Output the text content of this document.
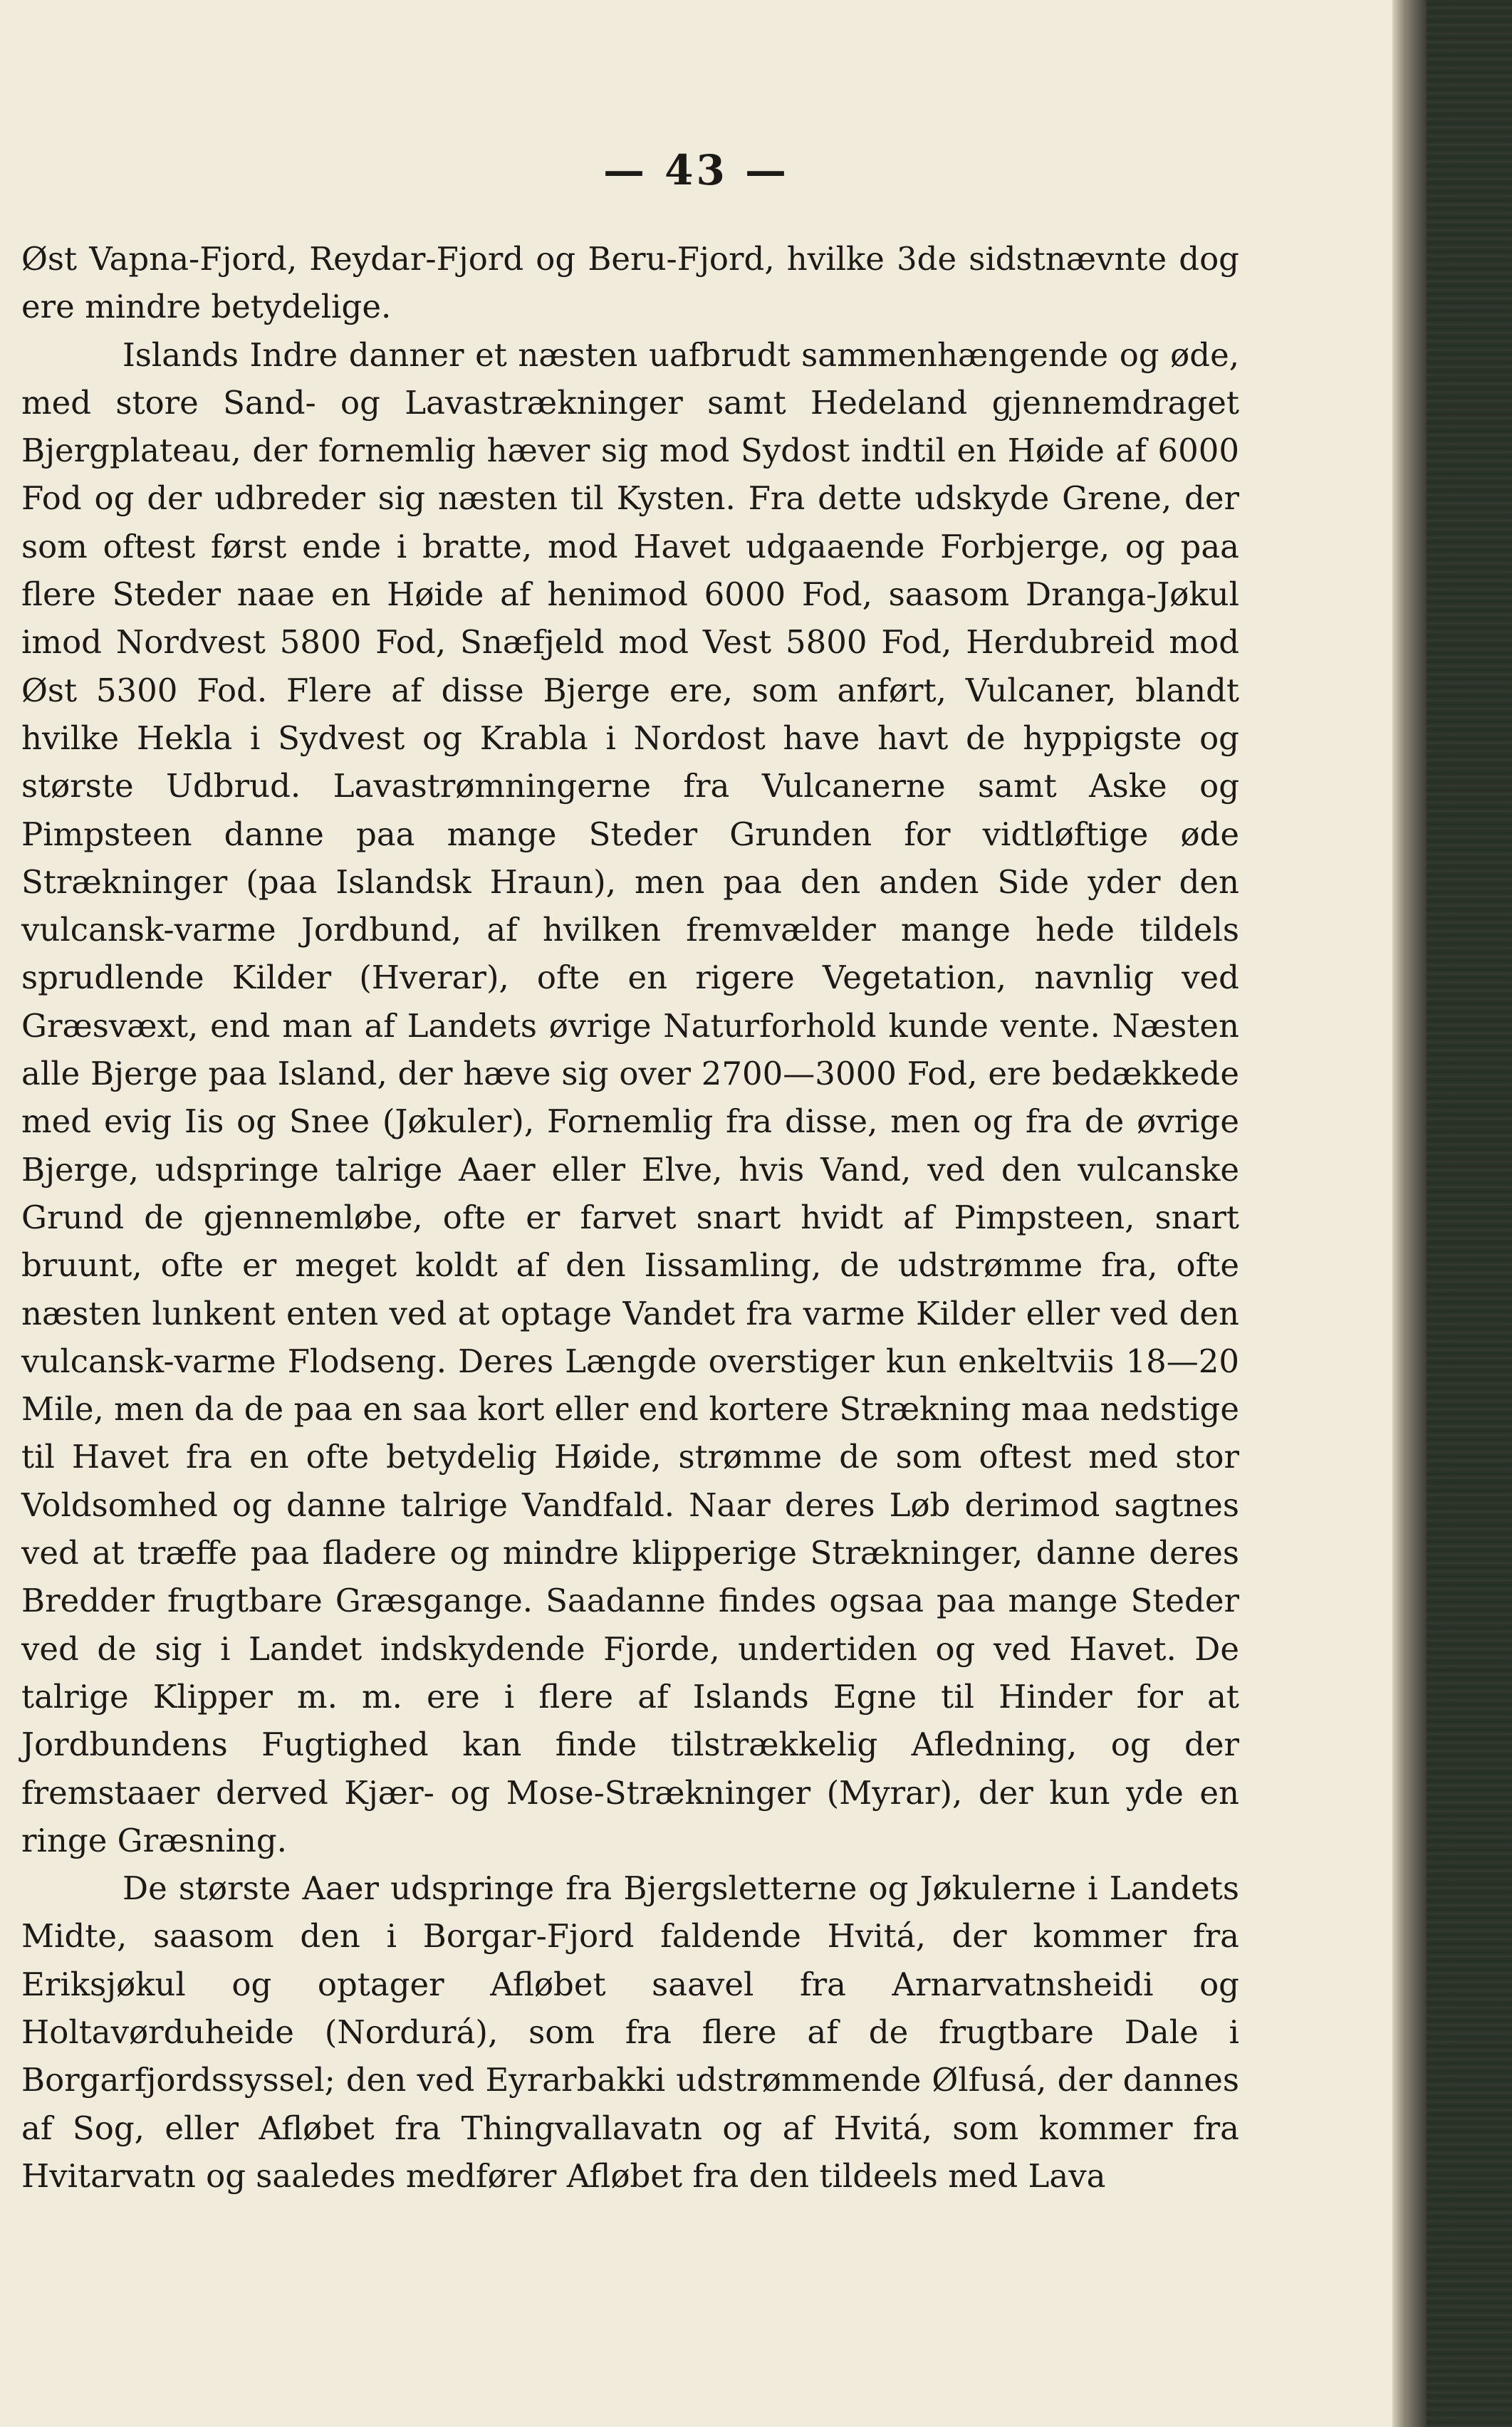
— 43 —

Øst Vapna-Fjord, Reydar-Fjord og Beru-Fjord, hvilke 3de sidstnævnte dog ere mindre betydelige.

Islands Indre danner et næsten uafbrudt sammenhængende og øde, med store Sand- og Lavastrækninger samt Hedeland gjennemdraget Bjergplateau, der fornemlig hæver sig mod Sydost indtil en Høide af 6000 Fod og der udbreder sig næsten til Kysten. Fra dette udskyde Grene, der som oftest først ende i bratte, mod Havet udgaaende Forbjerge, og paa flere Steder naae en Høide af henimod 6000 Fod, saasom Dranga-Jøkul imod Nordvest 5800 Fod, Snæfjeld mod Vest 5800 Fod, Herdubreid mod Øst 5300 Fod. Flere af disse Bjerge ere, som anført, Vulcaner, blandt hvilke Hekla i Sydvest og Krabla i Nordost have havt de hyppigste og største Udbrud. Lavastrømningerne fra Vulcanerne samt Aske og Pimpsteen danne paa mange Steder Grunden for vidtløftige øde Strækninger (paa Islandsk Hraun), men paa den anden Side yder den vulcansk-varme Jordbund, af hvilken fremvælder mange hede tildels sprudlende Kilder (Hverar), ofte en rigere Vegetation, navnlig ved Græsvæxt, end man af Landets øvrige Naturforhold kunde vente. Næsten alle Bjerge paa Island, der hæve sig over 2700—3000 Fod, ere bedækkede med evig Iis og Snee (Jøkuler), Fornemlig fra disse, men og fra de øvrige Bjerge, udspringe talrige Aaer eller Elve, hvis Vand, ved den vulcanske Grund de gjennemløbe, ofte er farvet snart hvidt af Pimpsteen, snart bruunt, ofte er meget koldt af den Iissamling, de udstrømme fra, ofte næsten lunkent enten ved at optage Vandet fra varme Kilder eller ved den vulcansk-varme Flodseng. Deres Længde overstiger kun enkeltviis 18—20 Mile, men da de paa en saa kort eller end kortere Strækning maa nedstige til Havet fra en ofte betydelig Høide, strømme de som oftest med stor Voldsomhed og danne talrige Vandfald. Naar deres Løb derimod sagtnes ved at træffe paa fladere og mindre klipperige Strækninger, danne deres Bredder frugtbare Græsgange. Saadanne findes ogsaa paa mange Steder ved de sig i Landet indskydende Fjorde, undertiden og ved Havet. De talrige Klipper m. m. ere i flere af Islands Egne til Hinder for at Jordbundens Fugtighed kan finde tilstrækkelig Afledning, og der fremstaaer derved Kjær- og Mose-Strækninger (Myrar), der kun yde en ringe Græsning.

De største Aaer udspringe fra Bjergsletterne og Jøkulerne i Landets Midte, saasom den i Borgar-Fjord faldende Hvitá, der kommer fra Eriksjøkul og optager Afløbet saavel fra Arnarvatnsheidi og Holtavørduheide (Nordurá), som fra flere af de frugtbare Dale i Borgarfjordssyssel; den ved Eyrarbakki udstrømmende Ølfusá, der dannes af Sog, eller Afløbet fra Thingvallavatn og af Hvitá, som kommer fra Hvitarvatn og saaledes medfører Afløbet fra den tildeels med Lava
